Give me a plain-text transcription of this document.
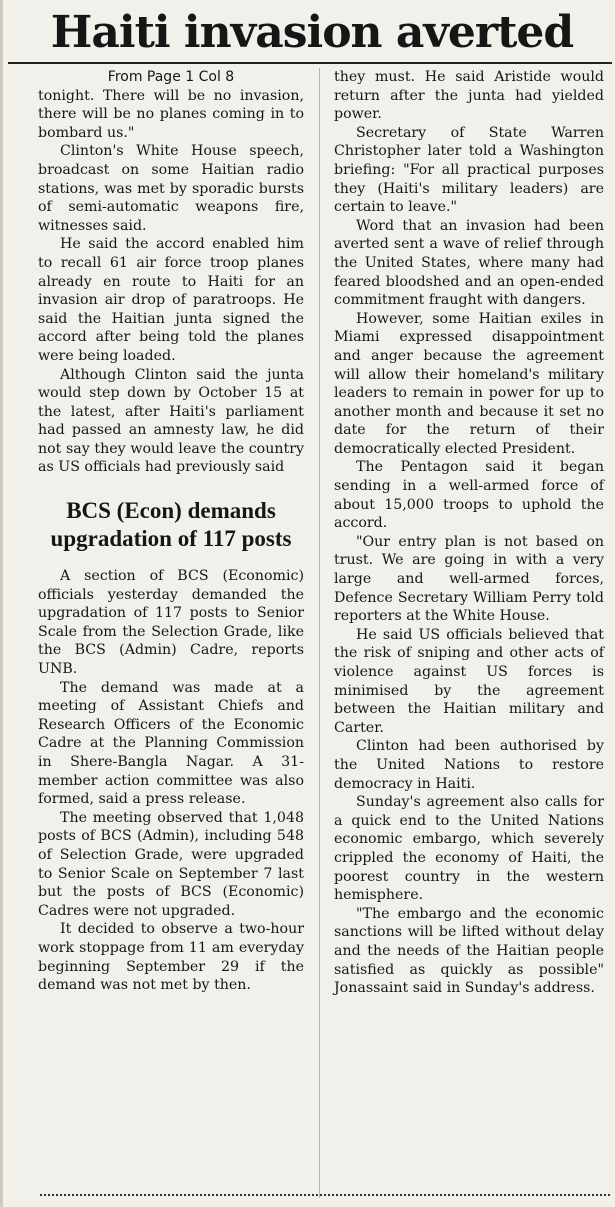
Haiti invasion averted

From Page 1 Col 8

tonight. There will be no invasion, there will be no planes coming in to bombard us."

Clinton's White House speech, broadcast on some Haitian radio stations, was met by sporadic bursts of semi-automatic weapons fire, witnesses said.

He said the accord enabled him to recall 61 air force troop planes already en route to Haiti for an invasion air drop of paratroops. He said the Haitian junta signed the accord after being told the planes were being loaded.

Although Clinton said the junta would step down by October 15 at the latest, after Haiti's parliament had passed an amnesty law, he did not say they would leave the country as US officials had previously said

BCS (Econ) demands upgradation of 117 posts

A section of BCS (Economic) officials yesterday demanded the upgradation of 117 posts to Senior Scale from the Selection Grade, like the BCS (Admin) Cadre, reports UNB.

The demand was made at a meeting of Assistant Chiefs and Research Officers of the Economic Cadre at the Planning Commission in Shere-Bangla Nagar. A 31-member action committee was also formed, said a press release.

The meeting observed that 1,048 posts of BCS (Admin), including 548 of Selection Grade, were upgraded to Senior Scale on September 7 last but the posts of BCS (Economic) Cadres were not upgraded.

It decided to observe a two-hour work stoppage from 11 am everyday beginning September 29 if the demand was not met by then.

they must. He said Aristide would return after the junta had yielded power.

Secretary of State Warren Christopher later told a Washington briefing: "For all practical purposes they (Haiti's military leaders) are certain to leave."

Word that an invasion had been averted sent a wave of relief through the United States, where many had feared bloodshed and an open-ended commitment fraught with dangers.

However, some Haitian exiles in Miami expressed disappointment and anger because the agreement will allow their homeland's military leaders to remain in power for up to another month and because it set no date for the return of their democratically elected President.

The Pentagon said it began sending in a well-armed force of about 15,000 troops to uphold the accord.

"Our entry plan is not based on trust. We are going in with a very large and well-armed forces, Defence Secretary William Perry told reporters at the White House.

He said US officials believed that the risk of sniping and other acts of violence against US forces is minimised by the agreement between the Haitian military and Carter.

Clinton had been authorised by the United Nations to restore democracy in Haiti.

Sunday's agreement also calls for a quick end to the United Nations economic embargo, which severely crippled the economy of Haiti, the poorest country in the western hemisphere.

"The embargo and the economic sanctions will be lifted without delay and the needs of the Haitian people satisfied as quickly as possible" Jonassaint said in Sunday's address.
